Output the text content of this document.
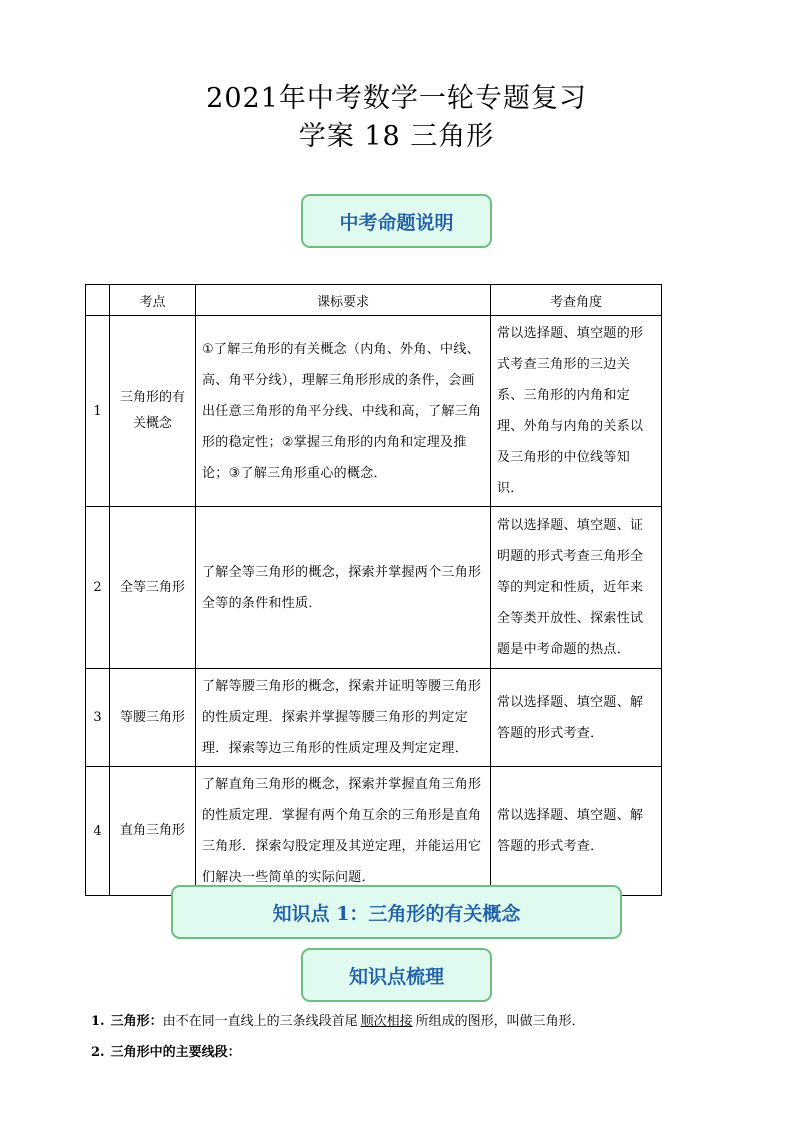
2021年中考数学一轮专题复习
学案 18 三角形
中考命题说明
	考点	课标要求	考查角度
1	三角形的有关概念	①了解三角形的有关概念（内角、外角、中线、高、角平分线），理解三角形形成的条件，会画出任意三角形的角平分线、中线和高，了解三角形的稳定性；②掌握三角形的内角和定理及推论；③了解三角形重心的概念．	常以选择题、填空题的形式考查三角形的三边关系、三角形的内角和定理、外角与内角的关系以及三角形的中位线等知识．
2	全等三角形	了解全等三角形的概念，探索并掌握两个三角形全等的条件和性质．	常以选择题、填空题、证明题的形式考查三角形全等的判定和性质，近年来全等类开放性、探索性试题是中考命题的热点．
3	等腰三角形	了解等腰三角形的概念，探索并证明等腰三角形的性质定理．探索并掌握等腰三角形的判定定理．探索等边三角形的性质定理及判定定理．	常以选择题、填空题、解答题的形式考查．
4	直角三角形	了解直角三角形的概念，探索并掌握直角三角形的性质定理．掌握有两个角互余的三角形是直角三角形．探索勾股定理及其逆定理，并能运用它们解决一些简单的实际问题．	常以选择题、填空题、解答题的形式考查．
知识点 1：三角形的有关概念
知识点梳理
1. 三角形：由不在同一直线上的三条线段首尾 顺次相接 所组成的图形，叫做三角形．
2. 三角形中的主要线段：
